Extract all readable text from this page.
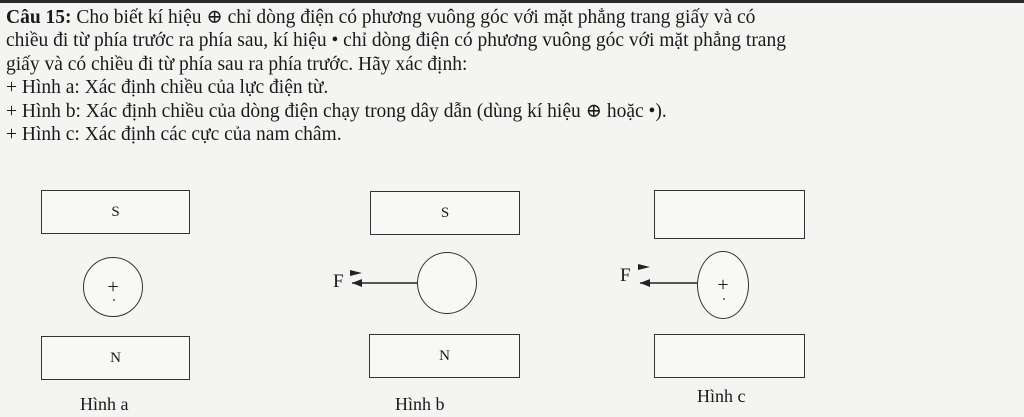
Câu 15: Cho biết kí hiệu ⊕ chỉ dòng điện có phương vuông góc với mặt phẳng trang giấy và có

chiều đi từ phía trước ra phía sau, kí hiệu • chỉ dòng điện có phương vuông góc với mặt phẳng trang

giấy và có chiều đi từ phía sau ra phía trước. Hãy xác định:

+ Hình a: Xác định chiều của lực điện từ.

+ Hình b: Xác định chiều của dòng điện chạy trong dây dẫn (dùng kí hiệu ⊕ hoặc •).

+ Hình c: Xác định các cực của nam châm.

S
+
N
Hình a
S
F
N
Hình b
+
F
Hình c
